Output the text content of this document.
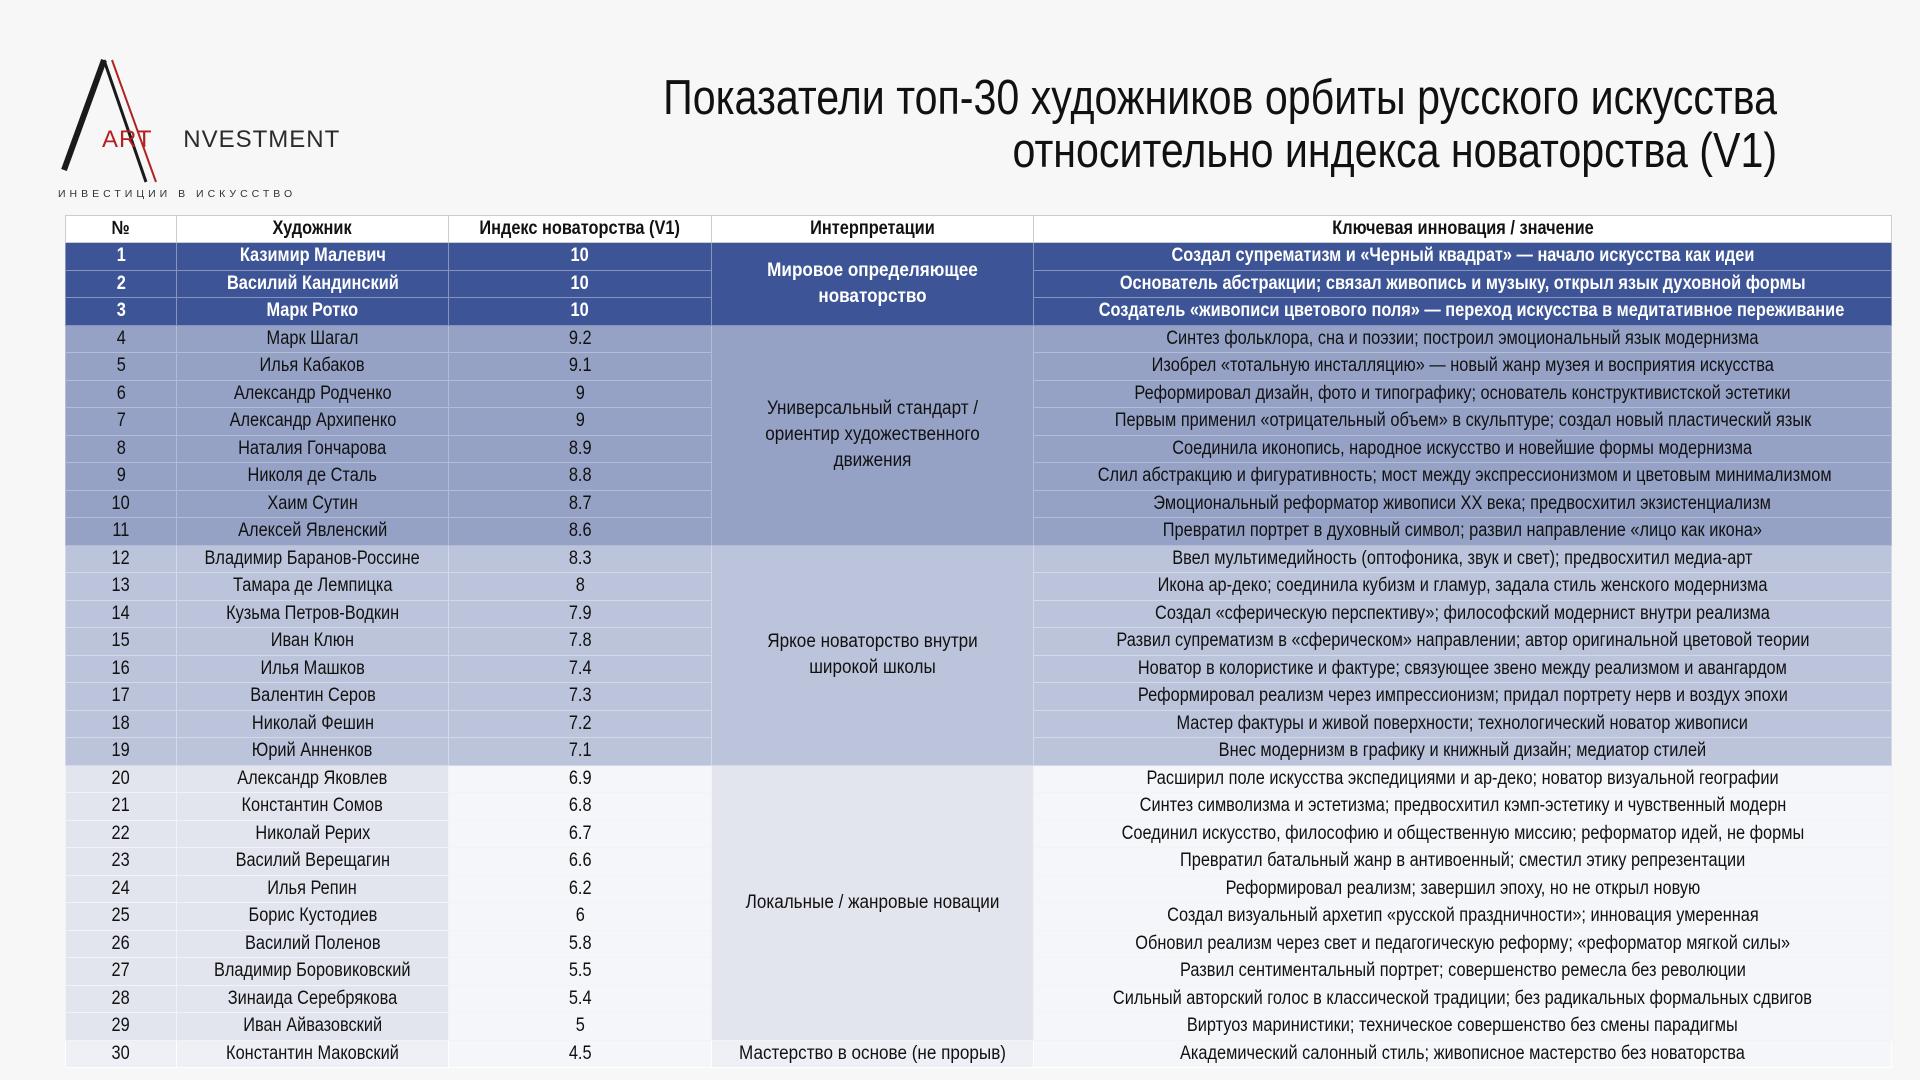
ART NVESTMENT
ИНВЕСТИЦИИ В ИСКУССТВО
Показатели топ-30 художников орбиты русского искусства
относительно индекса новаторства (V1)
№	Художник	Индекс новаторства (V1)	Интерпретации	Ключевая инновация / значение
1	Казимир Малевич	10	Мировое определяющее новаторство	Создал супрематизм и «Черный квадрат» — начало искусства как идеи
2	Василий Кандинский	10		Основатель абстракции; связал живопись и музыку, открыл язык духовной формы
3	Марк Ротко	10		Создатель «живописи цветового поля» — переход искусства в медитативное переживание
4	Марк Шагал	9.2	Универсальный стандарт / ориентир художественного движения	Синтез фольклора, сна и поэзии; построил эмоциональный язык модернизма
5	Илья Кабаков	9.1		Изобрел «тотальную инсталляцию» — новый жанр музея и восприятия искусства
6	Александр Родченко	9		Реформировал дизайн, фото и типографику; основатель конструктивистской эстетики
7	Александр Архипенко	9		Первым применил «отрицательный объем» в скульптуре; создал новый пластический язык
8	Наталия Гончарова	8.9		Соединила иконопись, народное искусство и новейшие формы модернизма
9	Николя де Сталь	8.8		Слил абстракцию и фигуративность; мост между экспрессионизмом и цветовым минимализмом
10	Хаим Сутин	8.7		Эмоциональный реформатор живописи XX века; предвосхитил экзистенциализм
11	Алексей Явленский	8.6		Превратил портрет в духовный символ; развил направление «лицо как икона»
12	Владимир Баранов-Россине	8.3	Яркое новаторство внутри широкой школы	Ввел мультимедийность (оптофоника, звук и свет); предвосхитил медиа-арт
13	Тамара де Лемпицка	8		Икона ар-деко; соединила кубизм и гламур, задала стиль женского модернизма
14	Кузьма Петров-Водкин	7.9		Создал «сферическую перспективу»; философский модернист внутри реализма
15	Иван Клюн	7.8		Развил супрематизм в «сферическом» направлении; автор оригинальной цветовой теории
16	Илья Машков	7.4		Новатор в колористике и фактуре; связующее звено между реализмом и авангардом
17	Валентин Серов	7.3		Реформировал реализм через импрессионизм; придал портрету нерв и воздух эпохи
18	Николай Фешин	7.2		Мастер фактуры и живой поверхности; технологический новатор живописи
19	Юрий Анненков	7.1		Внес модернизм в графику и книжный дизайн; медиатор стилей
20	Александр Яковлев	6.9	Локальные / жанровые новации	Расширил поле искусства экспедициями и ар-деко; новатор визуальной географии
21	Константин Сомов	6.8		Синтез символизма и эстетизма; предвосхитил кэмп-эстетику и чувственный модерн
22	Николай Рерих	6.7		Соединил искусство, философию и общественную миссию; реформатор идей, не формы
23	Василий Верещагин	6.6		Превратил батальный жанр в антивоенный; сместил этику репрезентации
24	Илья Репин	6.2		Реформировал реализм; завершил эпоху, но не открыл новую
25	Борис Кустодиев	6		Создал визуальный архетип «русской праздничности»; инновация умеренная
26	Василий Поленов	5.8		Обновил реализм через свет и педагогическую реформу; «реформатор мягкой силы»
27	Владимир Боровиковский	5.5		Развил сентиментальный портрет; совершенство ремесла без революции
28	Зинаида Серебрякова	5.4		Сильный авторский голос в классической традиции; без радикальных формальных сдвигов
29	Иван Айвазовский	5		Виртуоз маринистики; техническое совершенство без смены парадигмы
30	Константин Маковский	4.5	Мастерство в основе (не прорыв)	Академический салонный стиль; живописное мастерство без новаторства
